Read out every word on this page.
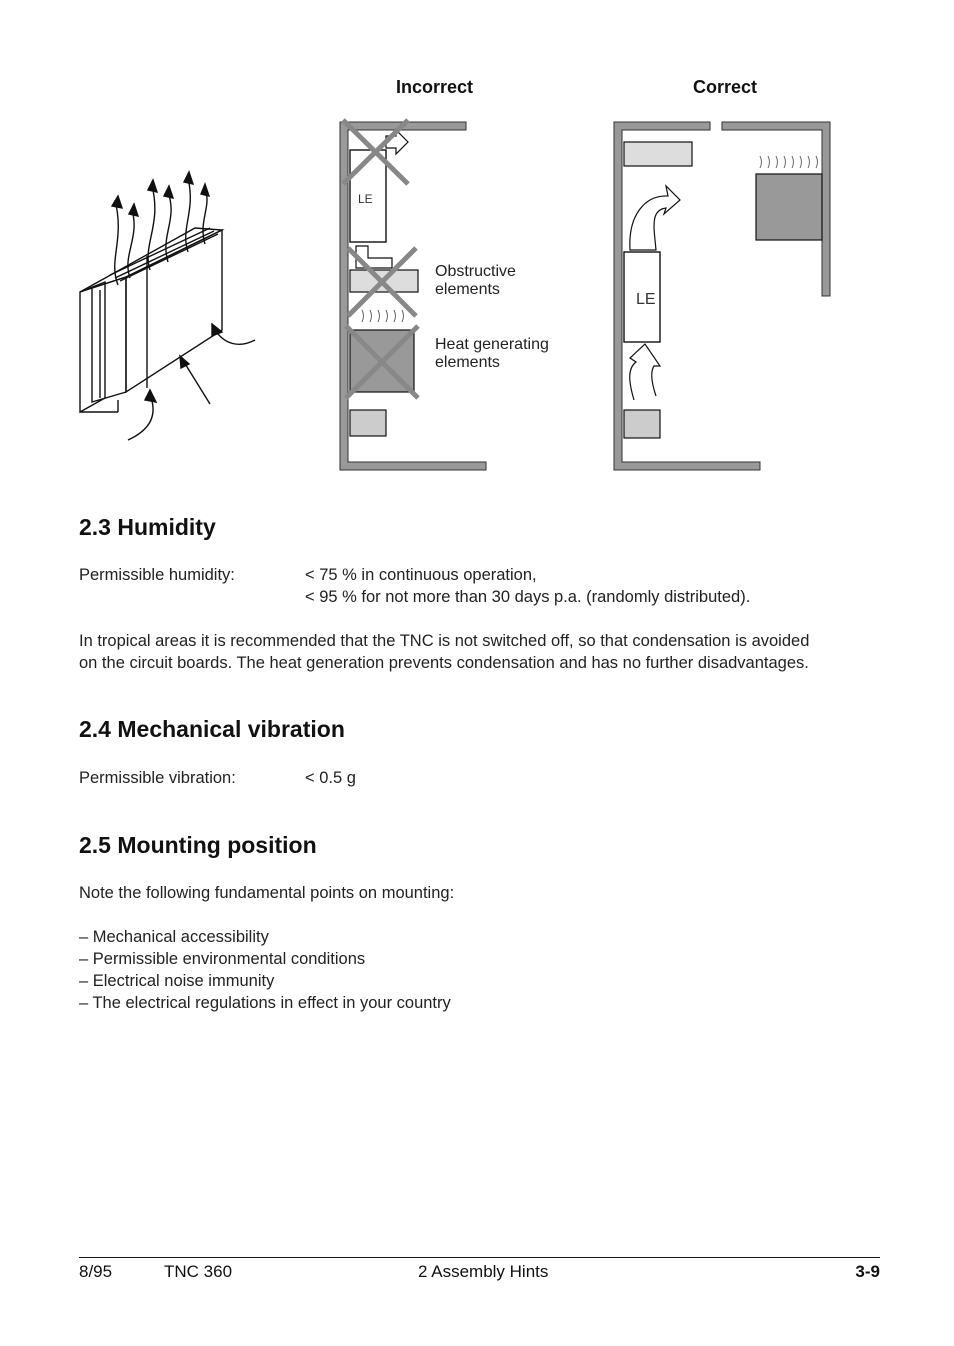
Incorrect	Correct
LE
LE
Obstructive
elements
Heat generating
elements
2.3 Humidity
Permissible humidity:	< 75 % in continuous operation,
< 95 % for not more than 30 days p.a. (randomly distributed).
In tropical areas it is recommended that the TNC is not switched off, so that condensation is avoided
on the circuit boards. The heat generation prevents condensation and has no further disadvantages.
2.4 Mechanical vibration
Permissible vibration:	< 0.5 g
2.5 Mounting position
Note the following fundamental points on mounting:
– Mechanical accessibility
– Permissible environmental conditions
– Electrical noise immunity
– The electrical regulations in effect in your country
8/95	TNC 360	2 Assembly Hints	3-9
